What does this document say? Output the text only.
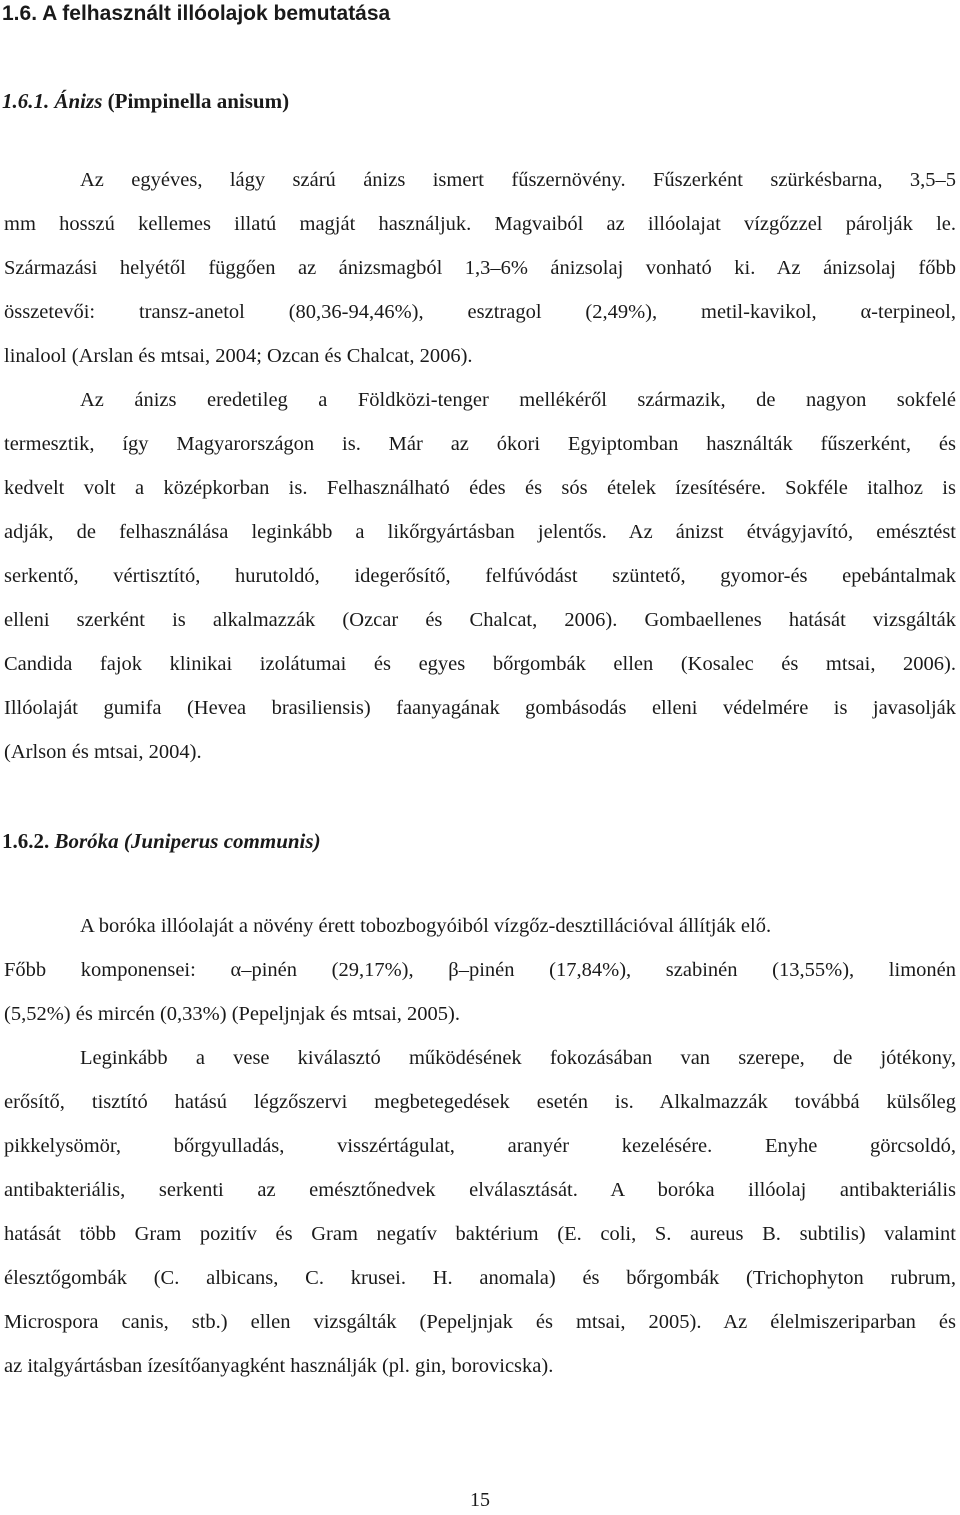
1.6. A felhasznált illóolajok bemutatása
1.6.1. Ánizs (Pimpinella anisum)
Az egyéves, lágy szárú ánizs ismert fűszernövény. Fűszerként szürkésbarna, 3,5–5
mm hosszú kellemes illatú magját használjuk. Magvaiból az illóolajat vízgőzzel párolják le.
Származási helyétől függően az ánizsmagból 1,3–6% ánizsolaj vonható ki. Az ánizsolaj főbb
összetevői: transz-anetol (80,36-94,46%), esztragol (2,49%), metil-kavikol, α-terpineol,
linalool (Arslan és mtsai, 2004; Ozcan és Chalcat, 2006).
Az ánizs eredetileg a Földközi-tenger mellékéről származik, de nagyon sokfelé
termesztik, így Magyarországon is. Már az ókori Egyiptomban használták fűszerként, és
kedvelt volt a középkorban is. Felhasználható édes és sós ételek ízesítésére. Sokféle italhoz is
adják, de felhasználása leginkább a likőrgyártásban jelentős. Az ánizst étvágyjavító, emésztést
serkentő, vértisztító, hurutoldó, idegerősítő, felfúvódást szüntető, gyomor-és epebántalmak
elleni szerként is alkalmazzák (Ozcar és Chalcat, 2006). Gombaellenes hatását vizsgálták
Candida fajok klinikai izolátumai és egyes bőrgombák ellen (Kosalec és mtsai, 2006).
Illóolaját gumifa (Hevea brasiliensis) faanyagának gombásodás elleni védelmére is javasolják
(Arlson és mtsai, 2004).
1.6.2. Boróka (Juniperus communis)
A boróka illóolaját a növény érett tobozbogyóiból vízgőz-desztillációval állítják elő.
Főbb komponensei: α–pinén (29,17%), β–pinén (17,84%), szabinén (13,55%), limonén
(5,52%) és mircén (0,33%) (Pepeljnjak és mtsai, 2005).
Leginkább a vese kiválasztó működésének fokozásában van szerepe, de jótékony,
erősítő, tisztító hatású légzőszervi megbetegedések esetén is. Alkalmazzák továbbá külsőleg
pikkelysömör, bőrgyulladás, visszértágulat, aranyér kezelésére. Enyhe görcsoldó,
antibakteriális, serkenti az emésztőnedvek elválasztását. A boróka illóolaj antibakteriális
hatását több Gram pozitív és Gram negatív baktérium (E. coli, S. aureus B. subtilis) valamint
élesztőgombák (C. albicans, C. krusei. H. anomala) és bőrgombák (Trichophyton rubrum,
Microspora canis, stb.) ellen vizsgálták (Pepeljnjak és mtsai, 2005). Az élelmiszeriparban és
az italgyártásban ízesítőanyagként használják (pl. gin, borovicska).
15
